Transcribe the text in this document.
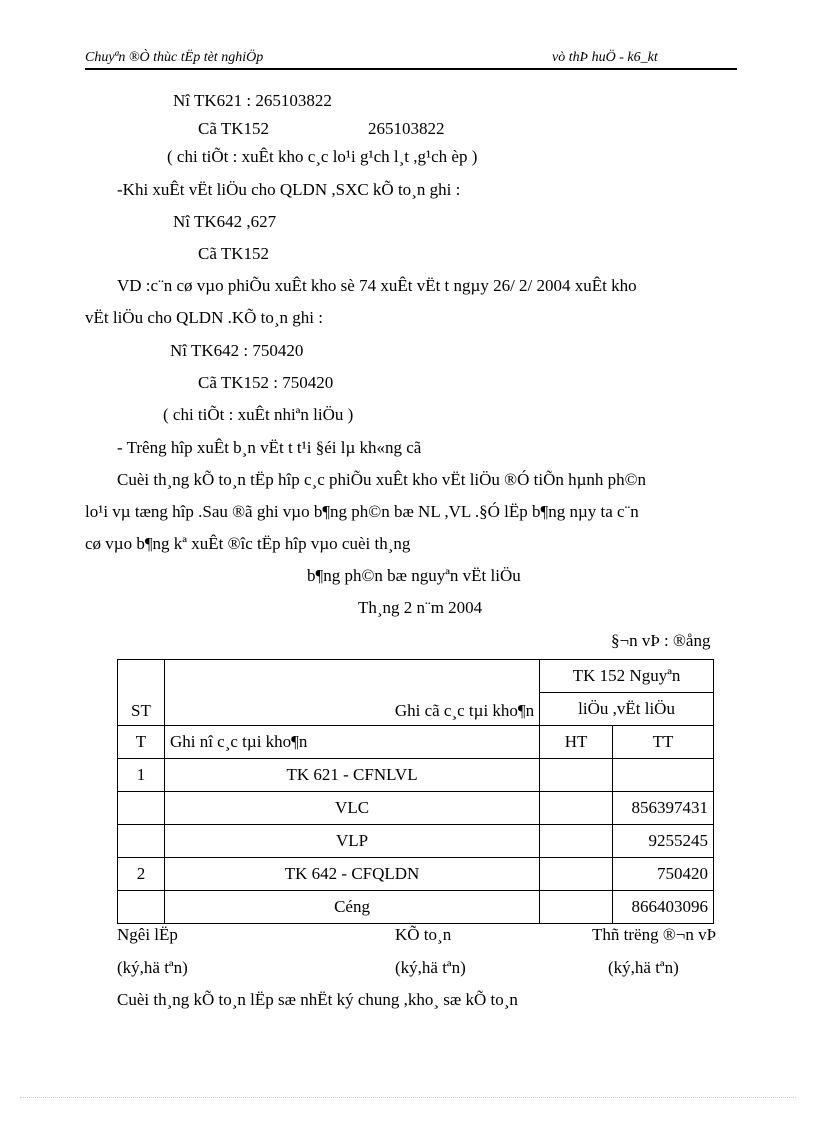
Chuyªn ®Ò thùc tËp tèt nghiÖp	vò thÞ huÖ - k6_kt
Nî TK621 : 265103822
Cã TK152	265103822
( chi tiÕt : xuÊt kho c¸c lo¹i g¹ch l¸t ,g¹ch èp )
-Khi xuÊt vËt liÖu cho QLDN ,SXC kÕ to¸n ghi :
Nî TK642 ,627
Cã TK152
VD :c¨n cø vµo phiÕu xuÊt kho sè 74 xuÊt vËt t ngµy 26/ 2/ 2004 xuÊt kho
vËt liÖu cho QLDN .KÕ to¸n ghi :
Nî TK642 : 750420
Cã TK152 : 750420
( chi tiÕt : xuÊt nhiªn liÖu )
- Trêng hîp xuÊt b¸n vËt t t¹i §éi lµ kh«ng cã
Cuèi th¸ng kÕ to¸n tËp hîp c¸c phiÕu xuÊt kho vËt liÖu ®Ó tiÕn hµnh ph©n
lo¹i vµ tæng hîp .Sau ®ã ghi vµo b¶ng ph©n bæ NL ,VL .§Ó lËp b¶ng nµy ta c¨n
cø vµo b¶ng kª xuÊt ®îc tËp hîp vµo cuèi th¸ng
b¶ng ph©n bæ nguyªn vËt liÖu
Th¸ng 2 n¨m 2004
§¬n vÞ : ®ång
ST	Ghi cã c¸c tµi kho¶n	TK 152 Nguyªn	
		liÖu ,vËt liÖu	
T	Ghi nî c¸c tµi kho¶n	HT	TT
1	TK 621 - CFNLVL		
	VLC		856397431
	VLP		9255245
2	TK 642 - CFQLDN		750420
	Céng		866403096
Ngêi lËp	KÕ to¸n	Thñ trëng ®¬n vÞ
(ký,hä tªn)	(ký,hä tªn)	(ký,hä tªn)
Cuèi th¸ng kÕ to¸n lËp sæ nhËt ký chung ,kho¸ sæ kÕ to¸n
